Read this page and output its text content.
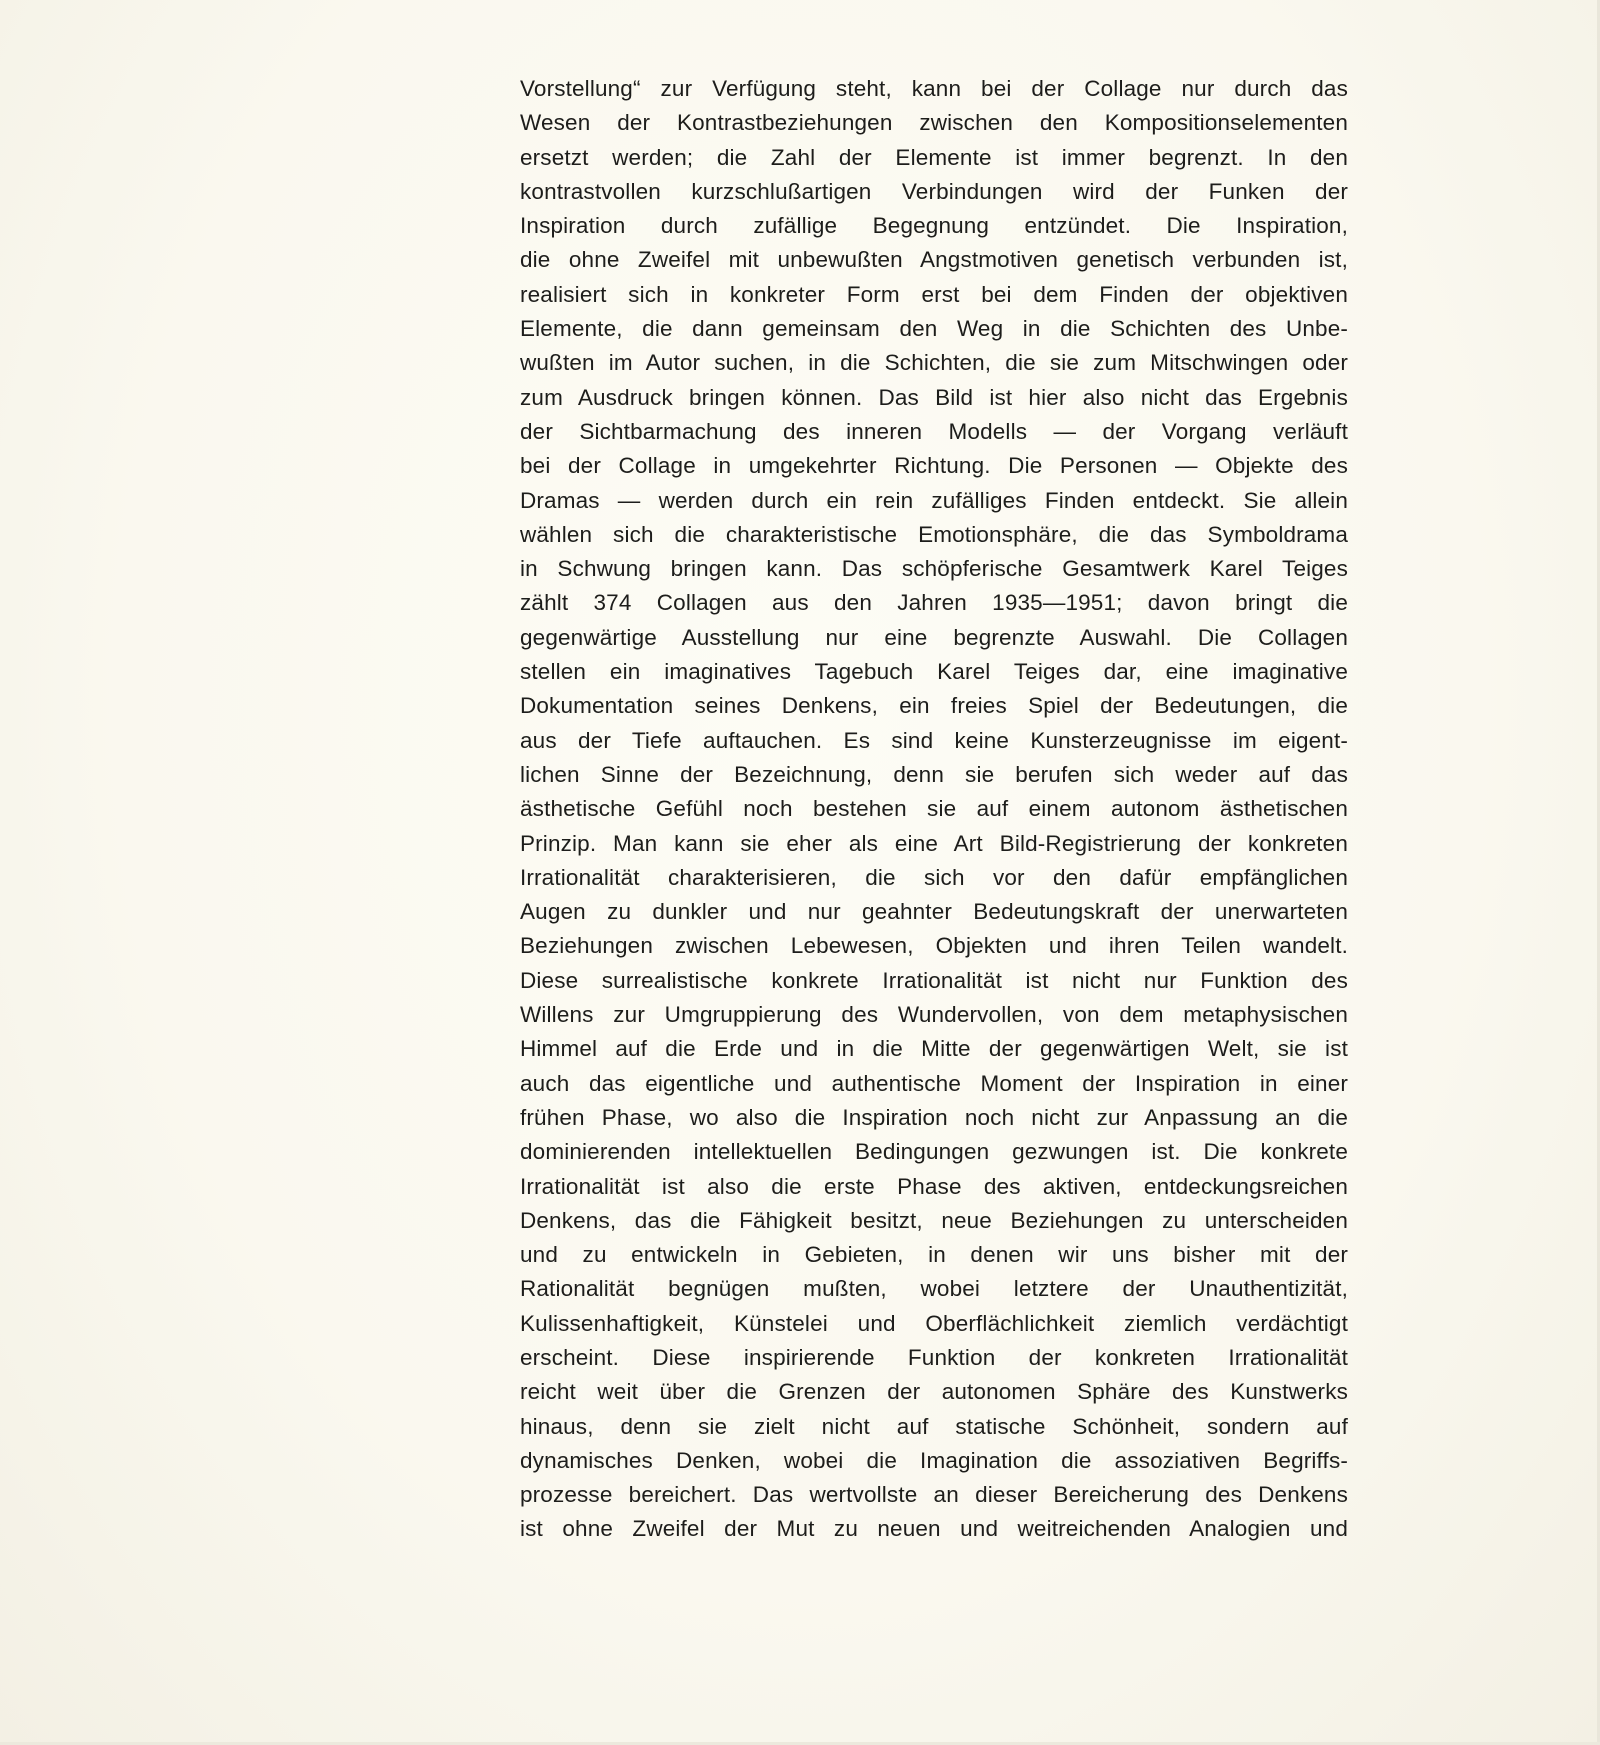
Vorstellung“ zur Verfügung steht, kann bei der Collage nur durch das
Wesen der Kontrastbeziehungen zwischen den Kompositionselementen
ersetzt werden; die Zahl der Elemente ist immer begrenzt. In den
kontrastvollen kurzschlußartigen Verbindungen wird der Funken der
Inspiration durch zufällige Begegnung entzündet. Die Inspiration,
die ohne Zweifel mit unbewußten Angstmotiven genetisch verbunden ist,
realisiert sich in konkreter Form erst bei dem Finden der objektiven
Elemente, die dann gemeinsam den Weg in die Schichten des Unbe-
wußten im Autor suchen, in die Schichten, die sie zum Mitschwingen oder
zum Ausdruck bringen können. Das Bild ist hier also nicht das Ergebnis
der Sichtbarmachung des inneren Modells — der Vorgang verläuft
bei der Collage in umgekehrter Richtung. Die Personen — Objekte des
Dramas — werden durch ein rein zufälliges Finden entdeckt. Sie allein
wählen sich die charakteristische Emotionsphäre, die das Symboldrama
in Schwung bringen kann. Das schöpferische Gesamtwerk Karel Teiges
zählt 374 Collagen aus den Jahren 1935—1951; davon bringt die
gegenwärtige Ausstellung nur eine begrenzte Auswahl. Die Collagen
stellen ein imaginatives Tagebuch Karel Teiges dar, eine imaginative
Dokumentation seines Denkens, ein freies Spiel der Bedeutungen, die
aus der Tiefe auftauchen. Es sind keine Kunsterzeugnisse im eigent-
lichen Sinne der Bezeichnung, denn sie berufen sich weder auf das
ästhetische Gefühl noch bestehen sie auf einem autonom ästhetischen
Prinzip. Man kann sie eher als eine Art Bild-Registrierung der konkreten
Irrationalität charakterisieren, die sich vor den dafür empfänglichen
Augen zu dunkler und nur geahnter Bedeutungskraft der unerwarteten
Beziehungen zwischen Lebewesen, Objekten und ihren Teilen wandelt.
Diese surrealistische konkrete Irrationalität ist nicht nur Funktion des
Willens zur Umgruppierung des Wundervollen, von dem metaphysischen
Himmel auf die Erde und in die Mitte der gegenwärtigen Welt, sie ist
auch das eigentliche und authentische Moment der Inspiration in einer
frühen Phase, wo also die Inspiration noch nicht zur Anpassung an die
dominierenden intellektuellen Bedingungen gezwungen ist. Die konkrete
Irrationalität ist also die erste Phase des aktiven, entdeckungsreichen
Denkens, das die Fähigkeit besitzt, neue Beziehungen zu unterscheiden
und zu entwickeln in Gebieten, in denen wir uns bisher mit der
Rationalität begnügen mußten, wobei letztere der Unauthentizität,
Kulissenhaftigkeit, Künstelei und Oberflächlichkeit ziemlich verdächtigt
erscheint. Diese inspirierende Funktion der konkreten Irrationalität
reicht weit über die Grenzen der autonomen Sphäre des Kunstwerks
hinaus, denn sie zielt nicht auf statische Schönheit, sondern auf
dynamisches Denken, wobei die Imagination die assoziativen Begriffs-
prozesse bereichert. Das wertvollste an dieser Bereicherung des Denkens
ist ohne Zweifel der Mut zu neuen und weitreichenden Analogien und
